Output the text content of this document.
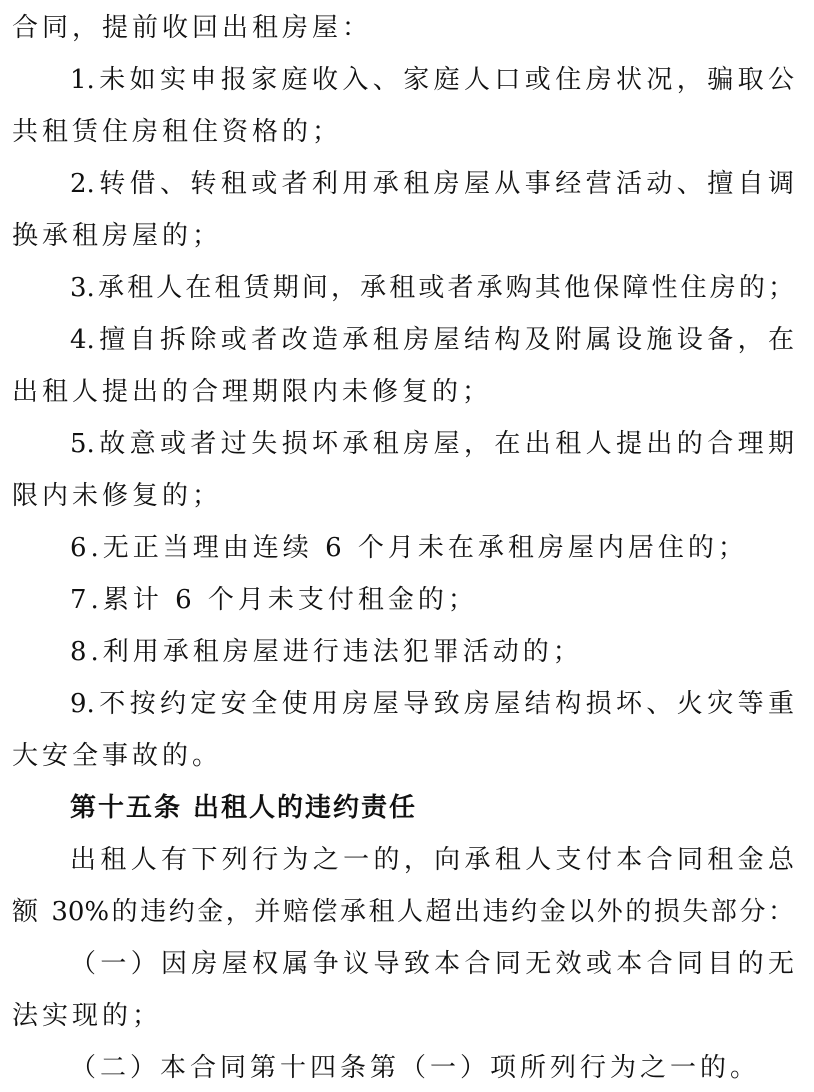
合同，提前收回出租房屋：
1.未如实申报家庭收入、家庭人口或住房状况，骗取公
共租赁住房租住资格的；
2.转借、转租或者利用承租房屋从事经营活动、擅自调
换承租房屋的；
3.承租人在租赁期间，承租或者承购其他保障性住房的；
4.擅自拆除或者改造承租房屋结构及附属设施设备，在
出租人提出的合理期限内未修复的；
5.故意或者过失损坏承租房屋，在出租人提出的合理期
限内未修复的；
6.无正当理由连续 6 个月未在承租房屋内居住的；
7.累计 6 个月未支付租金的；
8.利用承租房屋进行违法犯罪活动的；
9.不按约定安全使用房屋导致房屋结构损坏、火灾等重
大安全事故的。
第十五条 出租人的违约责任
出租人有下列行为之一的，向承租人支付本合同租金总
额 30%的违约金，并赔偿承租人超出违约金以外的损失部分：
（一）因房屋权属争议导致本合同无效或本合同目的无
法实现的；
（二）本合同第十四条第（一）项所列行为之一的。
